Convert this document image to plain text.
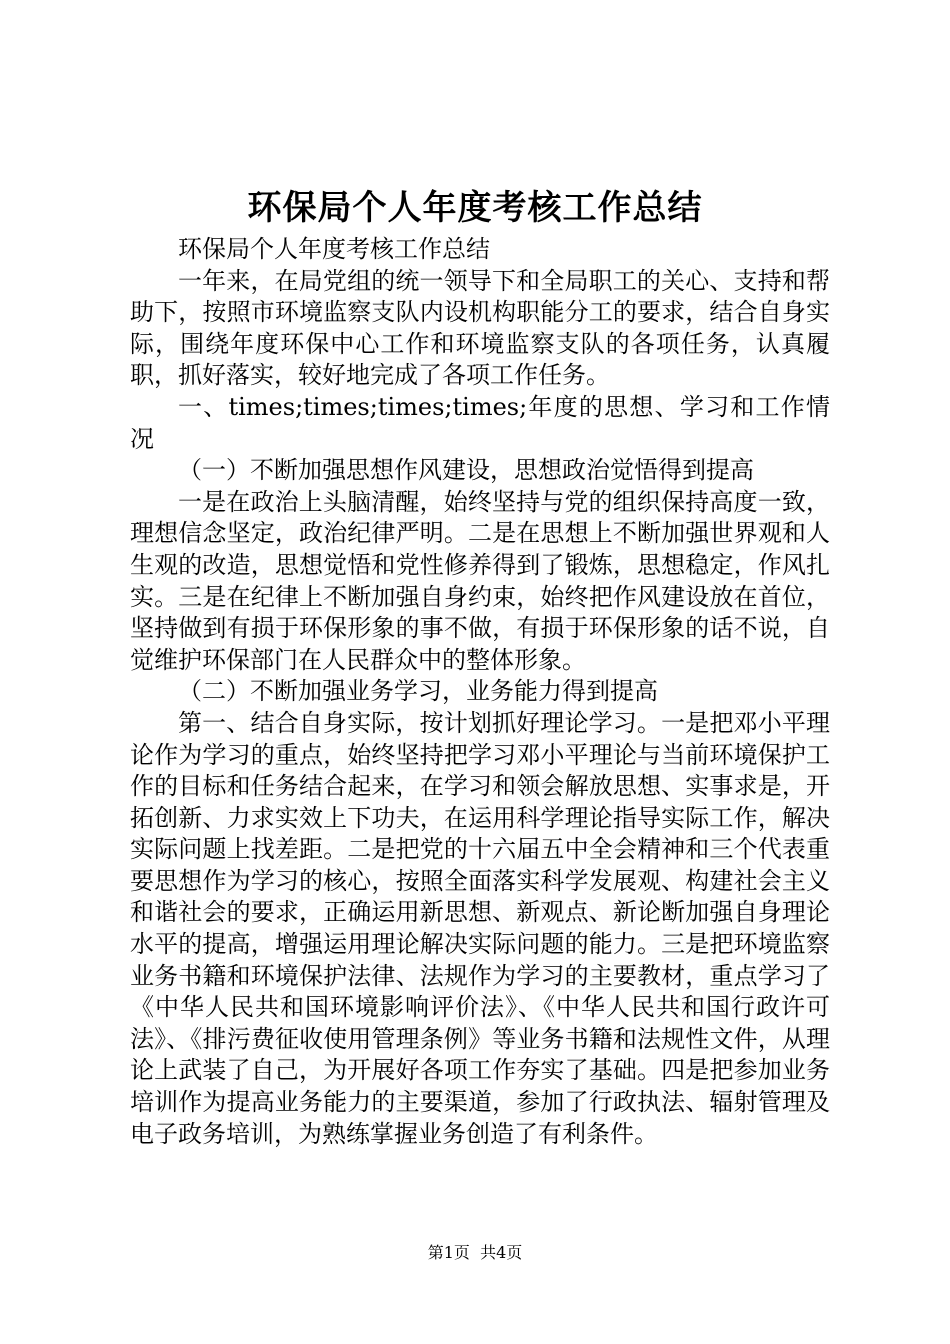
环保局个人年度考核工作总结

环保局个人年度考核工作总结

一年来，在局党组的统一领导下和全局职工的关心、支持和帮助下，按照市环境监察支队内设机构职能分工的要求，结合自身实际，围绕年度环保中心工作和环境监察支队的各项任务，认真履职，抓好落实，较好地完成了各项工作任务。

一、times;times;times;times;年度的思想、学习和工作情况

（一）不断加强思想作风建设，思想政治觉悟得到提高

一是在政治上头脑清醒，始终坚持与党的组织保持高度一致，理想信念坚定，政治纪律严明。二是在思想上不断加强世界观和人生观的改造，思想觉悟和党性修养得到了锻炼，思想稳定，作风扎实。三是在纪律上不断加强自身约束，始终把作风建设放在首位，坚持做到有损于环保形象的事不做，有损于环保形象的话不说，自觉维护环保部门在人民群众中的整体形象。

（二）不断加强业务学习，业务能力得到提高

第一、结合自身实际，按计划抓好理论学习。一是把邓小平理论作为学习的重点，始终坚持把学习邓小平理论与当前环境保护工作的目标和任务结合起来，在学习和领会解放思想、实事求是，开拓创新、力求实效上下功夫，在运用科学理论指导实际工作，解决实际问题上找差距。二是把党的十六届五中全会精神和三个代表重要思想作为学习的核心，按照全面落实科学发展观、构建社会主义和谐社会的要求，正确运用新思想、新观点、新论断加强自身理论水平的提高，增强运用理论解决实际问题的能力。三是把环境监察业务书籍和环境保护法律、法规作为学习的主要教材，重点学习了《中华人民共和国环境影响评价法》、《中华人民共和国行政许可法》、《排污费征收使用管理条例》等业务书籍和法规性文件，从理论上武装了自己，为开展好各项工作夯实了基础。四是把参加业务培训作为提高业务能力的主要渠道，参加了行政执法、辐射管理及电子政务培训，为熟练掌握业务创造了有利条件。

第1页 共4页
